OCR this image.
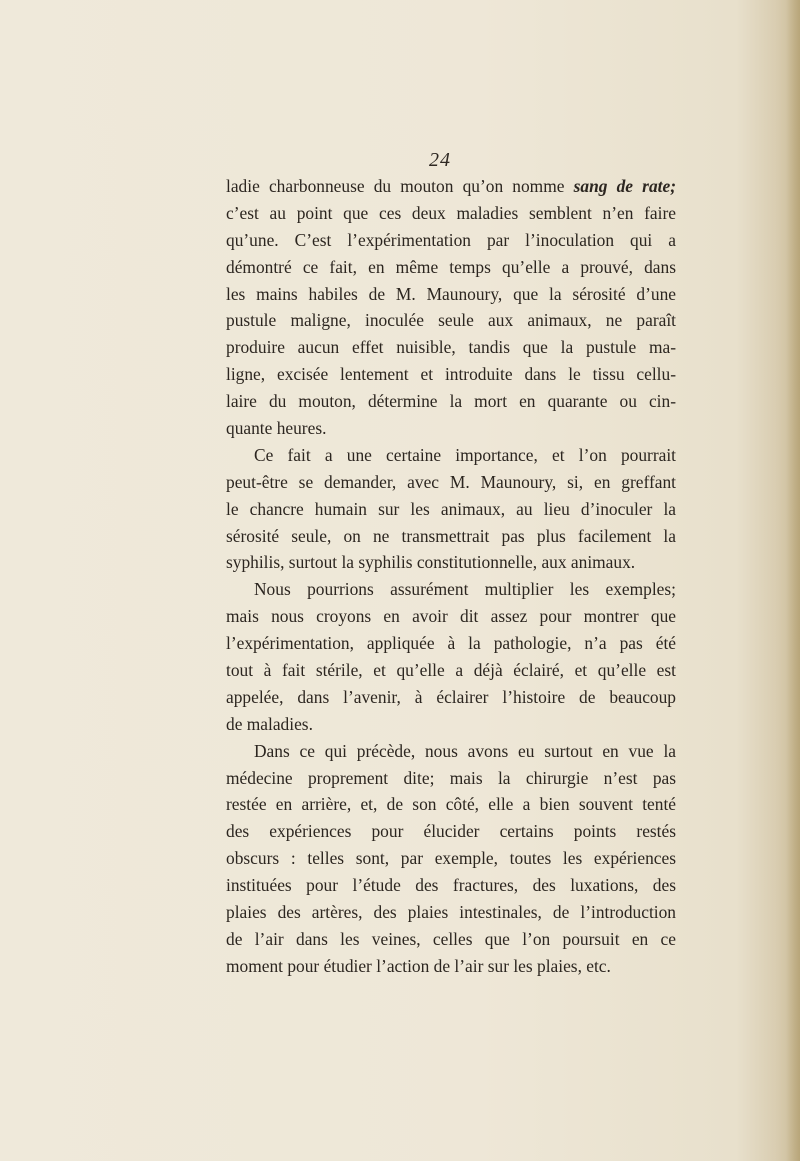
24
ladie charbonneuse du mouton qu’on nomme sang de rate;
c’est au point que ces deux maladies semblent n’en faire
qu’une. C’est l’expérimentation par l’inoculation qui a
démontré ce fait, en même temps qu’elle a prouvé, dans
les mains habiles de M. Maunoury, que la sérosité d’une
pustule maligne, inoculée seule aux animaux, ne paraît
produire aucun effet nuisible, tandis que la pustule ma-
ligne, excisée lentement et introduite dans le tissu cellu-
laire du mouton, détermine la mort en quarante ou cin-
quante heures.
Ce fait a une certaine importance, et l’on pourrait
peut-être se demander, avec M. Maunoury, si, en greffant
le chancre humain sur les animaux, au lieu d’inoculer la
sérosité seule, on ne transmettrait pas plus facilement la
syphilis, surtout la syphilis constitutionnelle, aux animaux.
Nous pourrions assurément multiplier les exemples;
mais nous croyons en avoir dit assez pour montrer que
l’expérimentation, appliquée à la pathologie, n’a pas été
tout à fait stérile, et qu’elle a déjà éclairé, et qu’elle est
appelée, dans l’avenir, à éclairer l’histoire de beaucoup
de maladies.
Dans ce qui précède, nous avons eu surtout en vue la
médecine proprement dite; mais la chirurgie n’est pas
restée en arrière, et, de son côté, elle a bien souvent tenté
des expériences pour élucider certains points restés
obscurs : telles sont, par exemple, toutes les expériences
instituées pour l’étude des fractures, des luxations, des
plaies des artères, des plaies intestinales, de l’introduction
de l’air dans les veines, celles que l’on poursuit en ce
moment pour étudier l’action de l’air sur les plaies, etc.
